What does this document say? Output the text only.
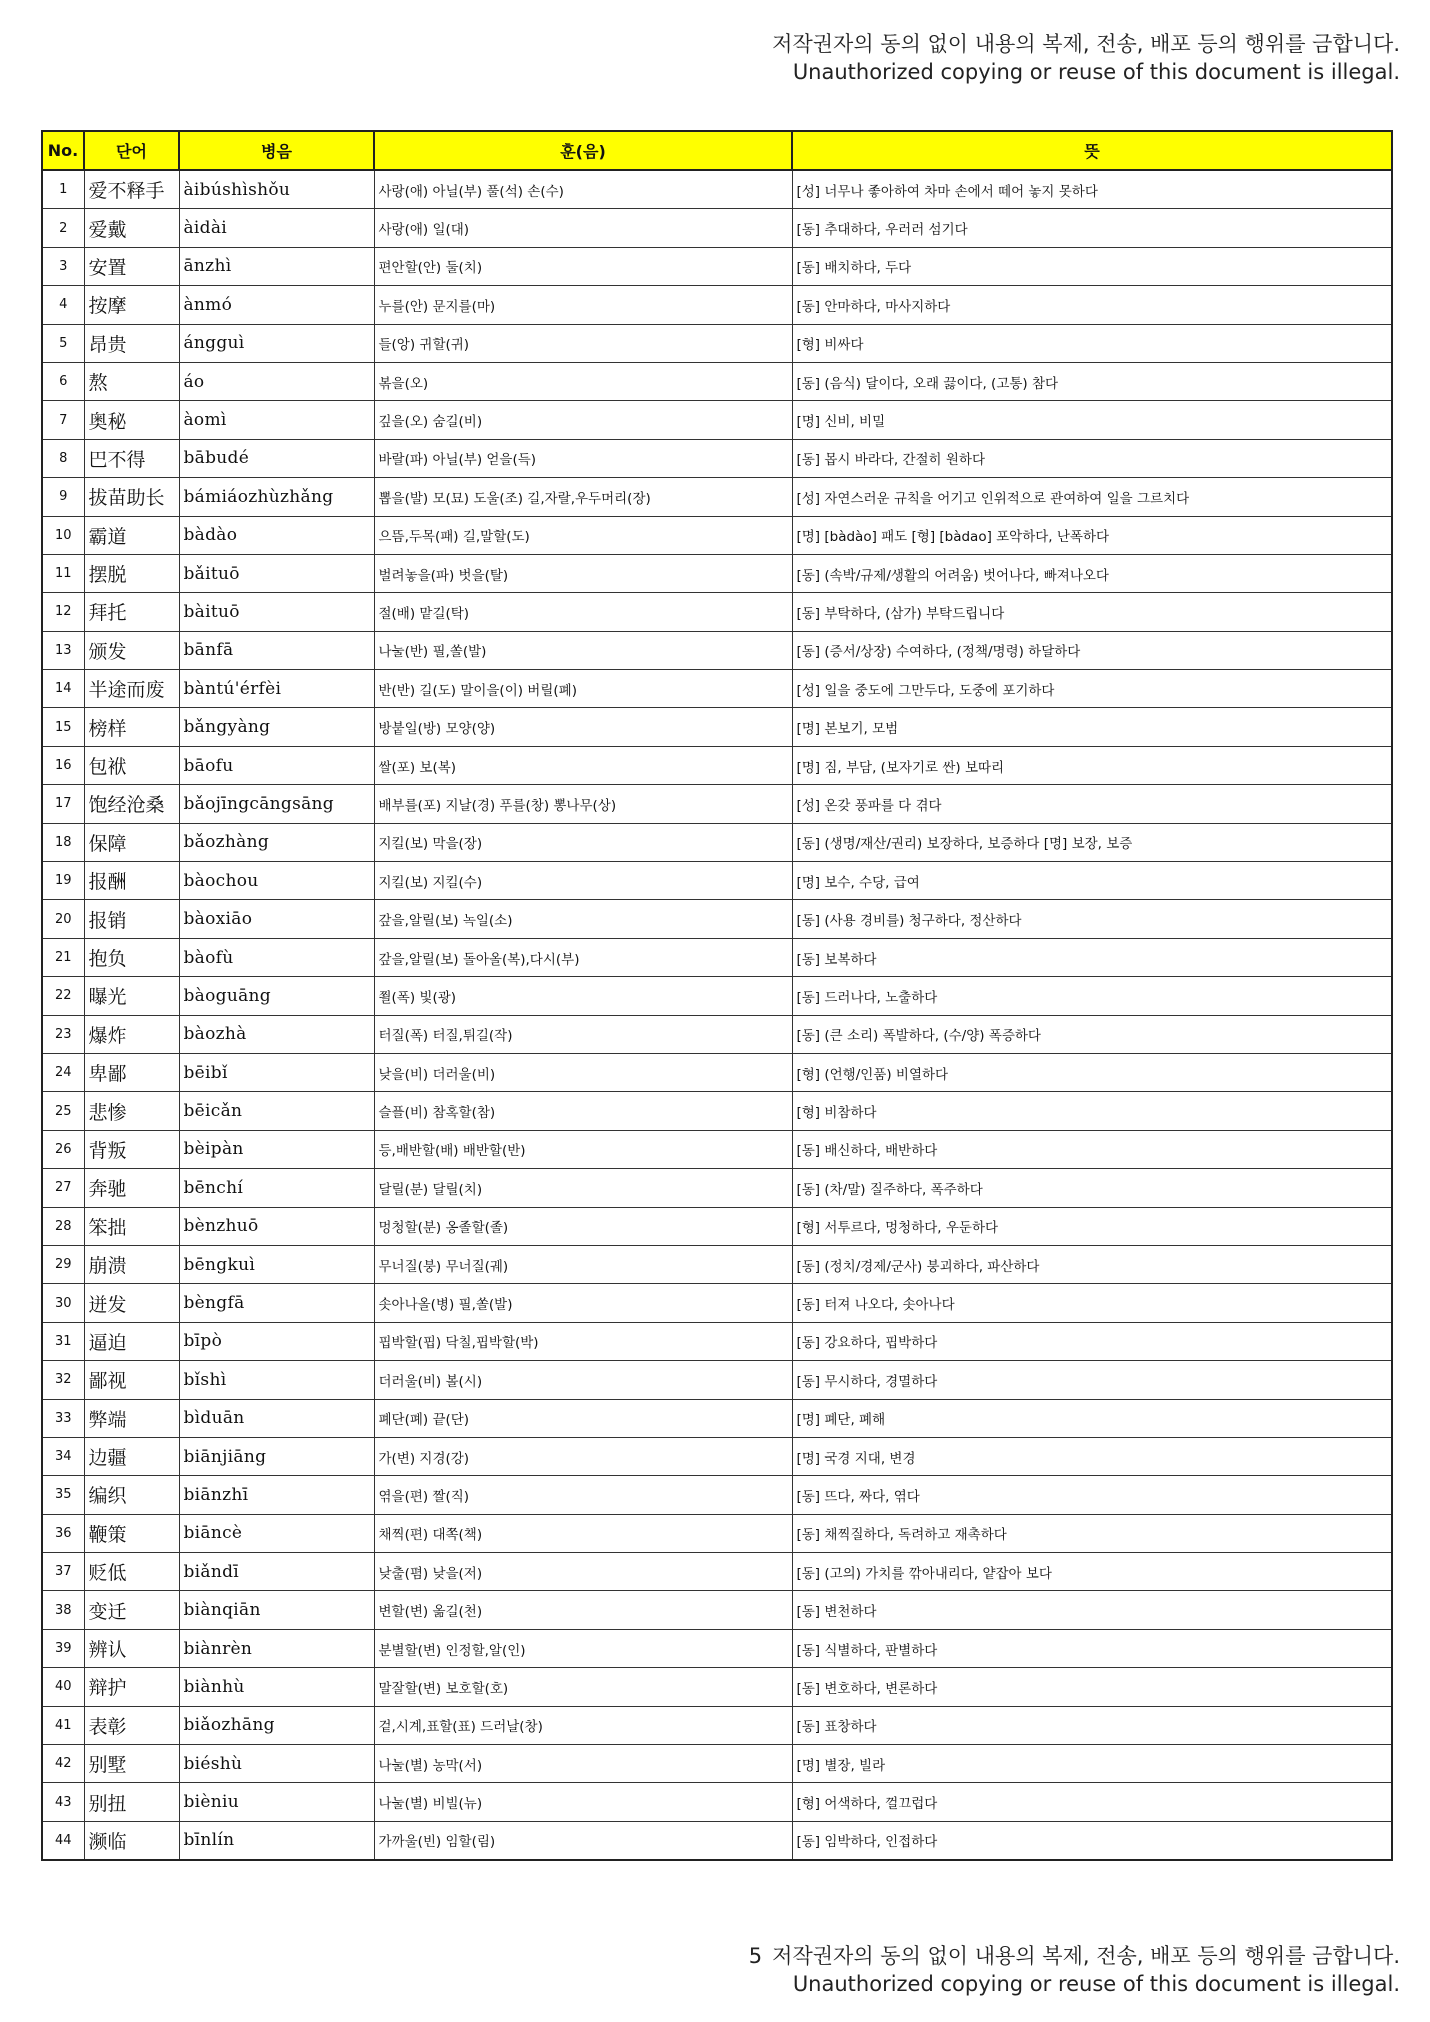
저작권자의 동의 없이 내용의 복제, 전송, 배포 등의 행위를 금합니다.
Unauthorized copying or reuse of this document is illegal.
No.	단어	병음	훈(음)	뜻
1	爱不释手	àibúshìshǒu	사랑(애) 아닐(부) 풀(석) 손(수)	[성] 너무나 좋아하여 차마 손에서 떼어 놓지 못하다
2	爱戴	àidài	사랑(애) 일(대)	[동] 추대하다, 우러러 섬기다
3	安置	ānzhì	편안할(안) 둘(치)	[동] 배치하다, 두다
4	按摩	ànmó	누를(안) 문지를(마)	[동] 안마하다, 마사지하다
5	昂贵	ángguì	들(앙) 귀할(귀)	[형] 비싸다
6	熬	áo	볶을(오)	[동] (음식) 달이다, 오래 끓이다, (고통) 참다
7	奥秘	àomì	깊을(오) 숨길(비)	[명] 신비, 비밀
8	巴不得	bābudé	바랄(파) 아닐(부) 얻을(득)	[동] 몹시 바라다, 간절히 원하다
9	拔苗助长	bámiáozhùzhǎng	뽑을(발) 모(묘) 도울(조) 길,자랄,우두머리(장)	[성] 자연스러운 규칙을 어기고 인위적으로 관여하여 일을 그르치다
10	霸道	bàdào	으뜸,두목(패) 길,말할(도)	[명] [bàdào] 패도 [형] [bàdao] 포악하다, 난폭하다
11	摆脱	bǎituō	벌려놓을(파) 벗을(탈)	[동] (속박/규제/생활의 어려움) 벗어나다, 빠져나오다
12	拜托	bàituō	절(배) 맡길(탁)	[동] 부탁하다, (삼가) 부탁드립니다
13	颁发	bānfā	나눌(반) 필,쏠(발)	[동] (증서/상장) 수여하다, (정책/명령) 하달하다
14	半途而废	bàntú'érfèi	반(반) 길(도) 말이을(이) 버릴(폐)	[성] 일을 중도에 그만두다, 도중에 포기하다
15	榜样	bǎngyàng	방붙일(방) 모양(양)	[명] 본보기, 모범
16	包袱	bāofu	쌀(포) 보(복)	[명] 짐, 부담, (보자기로 싼) 보따리
17	饱经沧桑	bǎojīngcāngsāng	배부를(포) 지날(경) 푸를(창) 뽕나무(상)	[성] 온갖 풍파를 다 겪다
18	保障	bǎozhàng	지킬(보) 막을(장)	[동] (생명/재산/권리) 보장하다, 보증하다 [명] 보장, 보증
19	报酬	bàochou	지킬(보) 지킬(수)	[명] 보수, 수당, 급여
20	报销	bàoxiāo	갚을,알릴(보) 녹일(소)	[동] (사용 경비를) 청구하다, 정산하다
21	抱负	bàofù	갚을,알릴(보) 돌아올(복),다시(부)	[동] 보복하다
22	曝光	bàoguāng	쬘(폭) 빛(광)	[동] 드러나다, 노출하다
23	爆炸	bàozhà	터질(폭) 터질,튀길(작)	[동] (큰 소리) 폭발하다, (수/양) 폭증하다
24	卑鄙	bēibǐ	낮을(비) 더러울(비)	[형] (언행/인품) 비열하다
25	悲惨	bēicǎn	슬플(비) 참혹할(참)	[형] 비참하다
26	背叛	bèipàn	등,배반할(배) 배반할(반)	[동] 배신하다, 배반하다
27	奔驰	bēnchí	달릴(분) 달릴(치)	[동] (차/말) 질주하다, 폭주하다
28	笨拙	bènzhuō	멍청할(분) 옹졸할(졸)	[형] 서투르다, 멍청하다, 우둔하다
29	崩溃	bēngkuì	무너질(붕) 무너질(궤)	[동] (정치/경제/군사) 붕괴하다, 파산하다
30	迸发	bèngfā	솟아나올(병) 필,쏠(발)	[동] 터져 나오다, 솟아나다
31	逼迫	bīpò	핍박할(핍) 닥칠,핍박할(박)	[동] 강요하다, 핍박하다
32	鄙视	bǐshì	더러울(비) 볼(시)	[동] 무시하다, 경멸하다
33	弊端	bìduān	폐단(폐) 끝(단)	[명] 폐단, 폐해
34	边疆	biānjiāng	가(변) 지경(강)	[명] 국경 지대, 변경
35	编织	biānzhī	엮을(편) 짤(직)	[동] 뜨다, 짜다, 엮다
36	鞭策	biāncè	채찍(편) 대쪽(책)	[동] 채찍질하다, 독려하고 재촉하다
37	贬低	biǎndī	낮출(폄) 낮을(저)	[동] (고의) 가치를 깎아내리다, 얕잡아 보다
38	变迁	biànqiān	변할(변) 옮길(천)	[동] 변천하다
39	辨认	biànrèn	분별할(변) 인정할,알(인)	[동] 식별하다, 판별하다
40	辩护	biànhù	말잘할(변) 보호할(호)	[동] 변호하다, 변론하다
41	表彰	biǎozhāng	겉,시계,표할(표) 드러날(창)	[동] 표창하다
42	别墅	biéshù	나눌(별) 농막(서)	[명] 별장, 빌라
43	别扭	bièniu	나눌(별) 비빌(뉴)	[형] 어색하다, 껄끄럽다
44	濒临	bīnlín	가까울(빈) 임할(림)	[동] 임박하다, 인접하다
5 저작권자의 동의 없이 내용의 복제, 전송, 배포 등의 행위를 금합니다.
Unauthorized copying or reuse of this document is illegal.
